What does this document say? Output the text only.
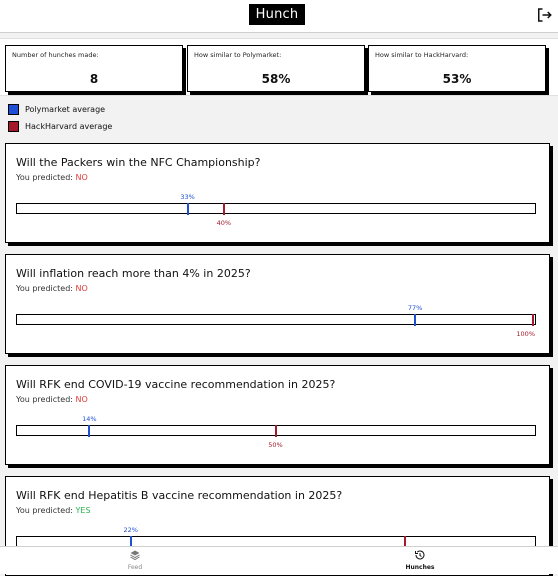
Hunch
Number of hunches made:
8
How similar to Polymarket:
58%
How similar to HackHarvard:
53%
Polymarket average
HackHarvard average
Will the Packers win the NFC Championship?
You predicted: NO
33%
40%
Will inflation reach more than 4% in 2025?
You predicted: NO
77%
100%
Will RFK end COVID-19 vaccine recommendation in 2025?
You predicted: NO
14%
50%
Will RFK end Hepatitis B vaccine recommendation in 2025?
You predicted: YES
22%
Feed	Hunches
